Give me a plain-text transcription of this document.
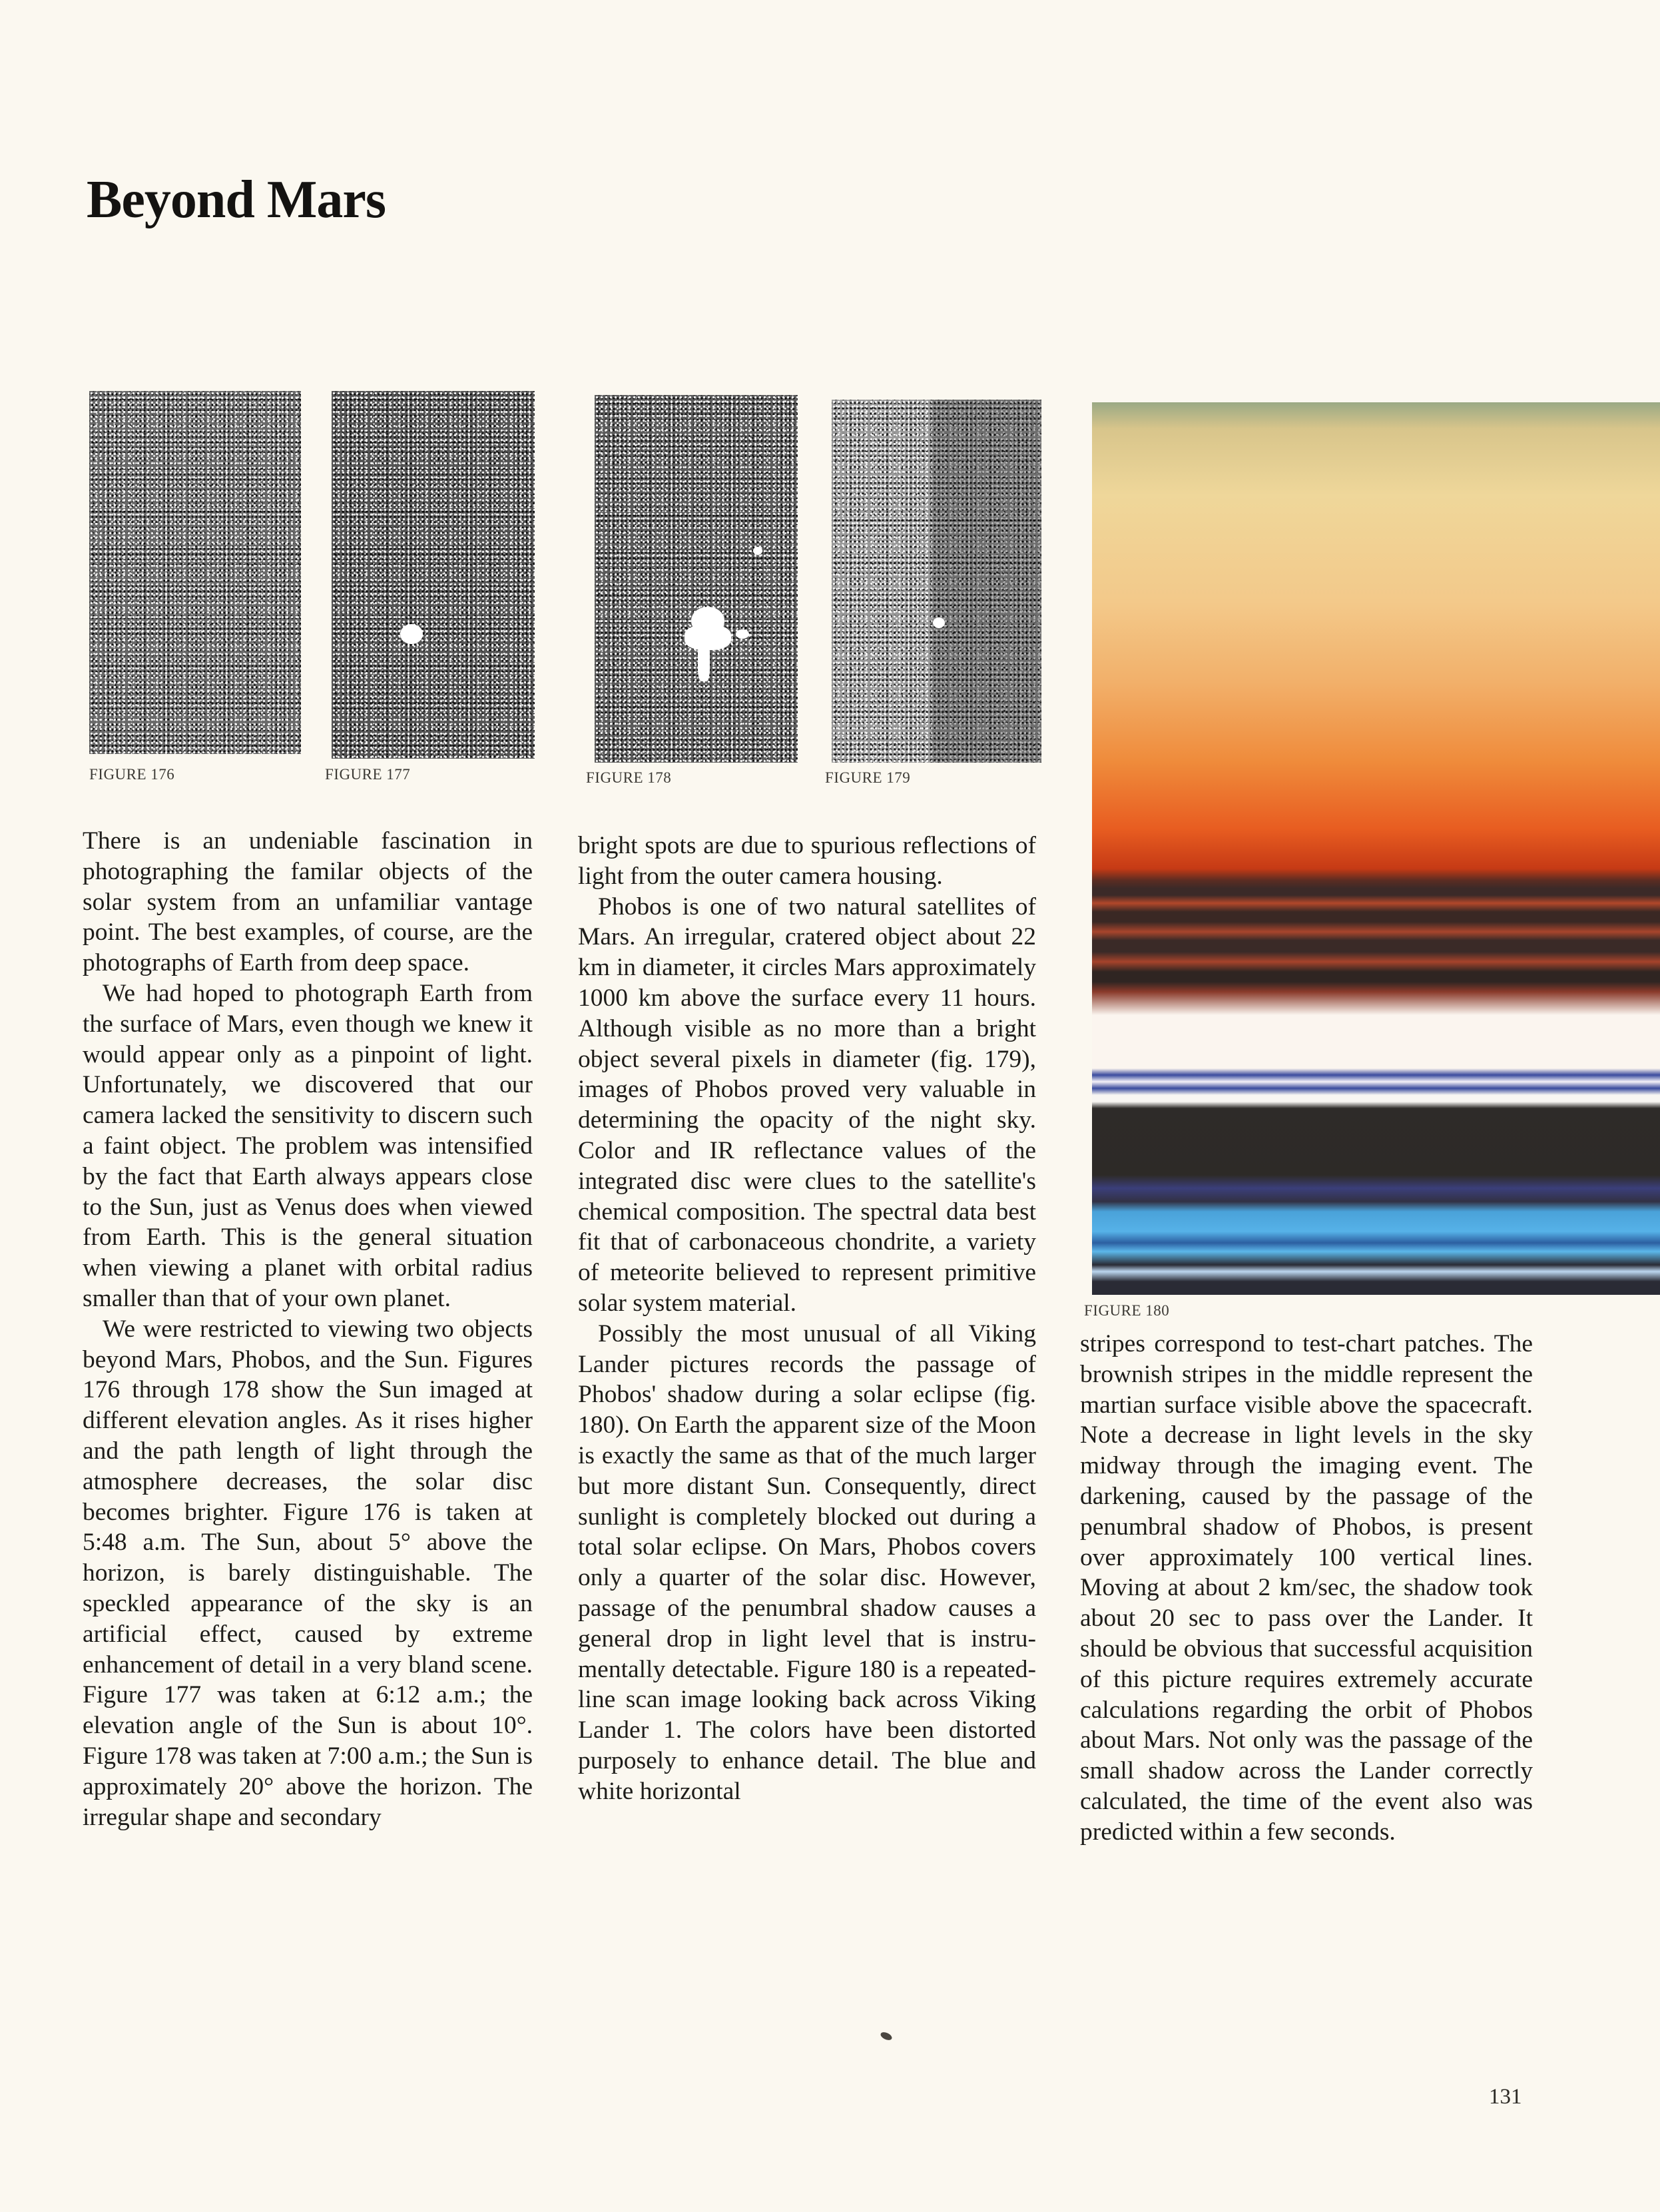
Beyond Mars

FIGURE 176	FIGURE 177	FIGURE 178	FIGURE 179

FIGURE 180

There is an undeniable fascination in photographing the familar objects of the solar system from an unfamiliar vantage point. The best examples, of course, are the photographs of Earth from deep space.

We had hoped to photograph Earth from the surface of Mars, even though we knew it would appear only as a pinpoint of light. Unfortunately, we discovered that our camera lacked the sensitivity to discern such a faint object. The problem was intensified by the fact that Earth always appears close to the Sun, just as Venus does when viewed from Earth. This is the general situation when viewing a planet with orbital radius smaller than that of your own planet.

We were restricted to viewing two objects beyond Mars, Phobos, and the Sun. Figures 176 through 178 show the Sun imaged at different elevation angles. As it rises higher and the path length of light through the atmosphere decreases, the solar disc becomes brighter. Figure 176 is taken at 5:48 a.m. The Sun, about 5° above the horizon, is barely distinguishable. The speckled appearance of the sky is an artificial effect, caused by extreme enhancement of detail in a very bland scene. Figure 177 was taken at 6:12 a.m.; the elevation angle of the Sun is about 10°. Figure 178 was taken at 7:00 a.m.; the Sun is approximately 20° above the horizon. The irregular shape and secondary

bright spots are due to spurious reflections of light from the outer camera housing.

Phobos is one of two natural satellites of Mars. An irregular, cratered object about 22 km in diameter, it circles Mars approximately 1000 km above the surface every 11 hours. Although visible as no more than a bright object several pixels in diameter (fig. 179), images of Phobos proved very valuable in determining the opacity of the night sky. Color and IR reflectance values of the integrated disc were clues to the satellite's chemical composition. The spectral data best fit that of carbonaceous chondrite, a variety of meteorite believed to represent primitive solar system material.

Possibly the most unusual of all Viking Lander pictures records the passage of Phobos' shadow during a solar eclipse (fig. 180). On Earth the apparent size of the Moon is exactly the same as that of the much larger but more distant Sun. Consequently, direct sunlight is completely blocked out during a total solar eclipse. On Mars, Phobos covers only a quarter of the solar disc. However, passage of the penumbral shadow causes a general drop in light level that is instrumentally detectable. Figure 180 is a repeated-line scan image looking back across Viking Lander 1. The colors have been distorted purposely to enhance detail. The blue and white horizontal

stripes correspond to test-chart patches. The brownish stripes in the middle represent the martian surface visible above the spacecraft. Note a decrease in light levels in the sky midway through the imaging event. The darkening, caused by the passage of the penumbral shadow of Phobos, is present over approximately 100 vertical lines. Moving at about 2 km/sec, the shadow took about 20 sec to pass over the Lander. It should be obvious that successful acquisition of this picture requires extremely accurate calculations regarding the orbit of Phobos about Mars. Not only was the passage of the small shadow across the Lander correctly calculated, the time of the event also was predicted within a few seconds.

131
